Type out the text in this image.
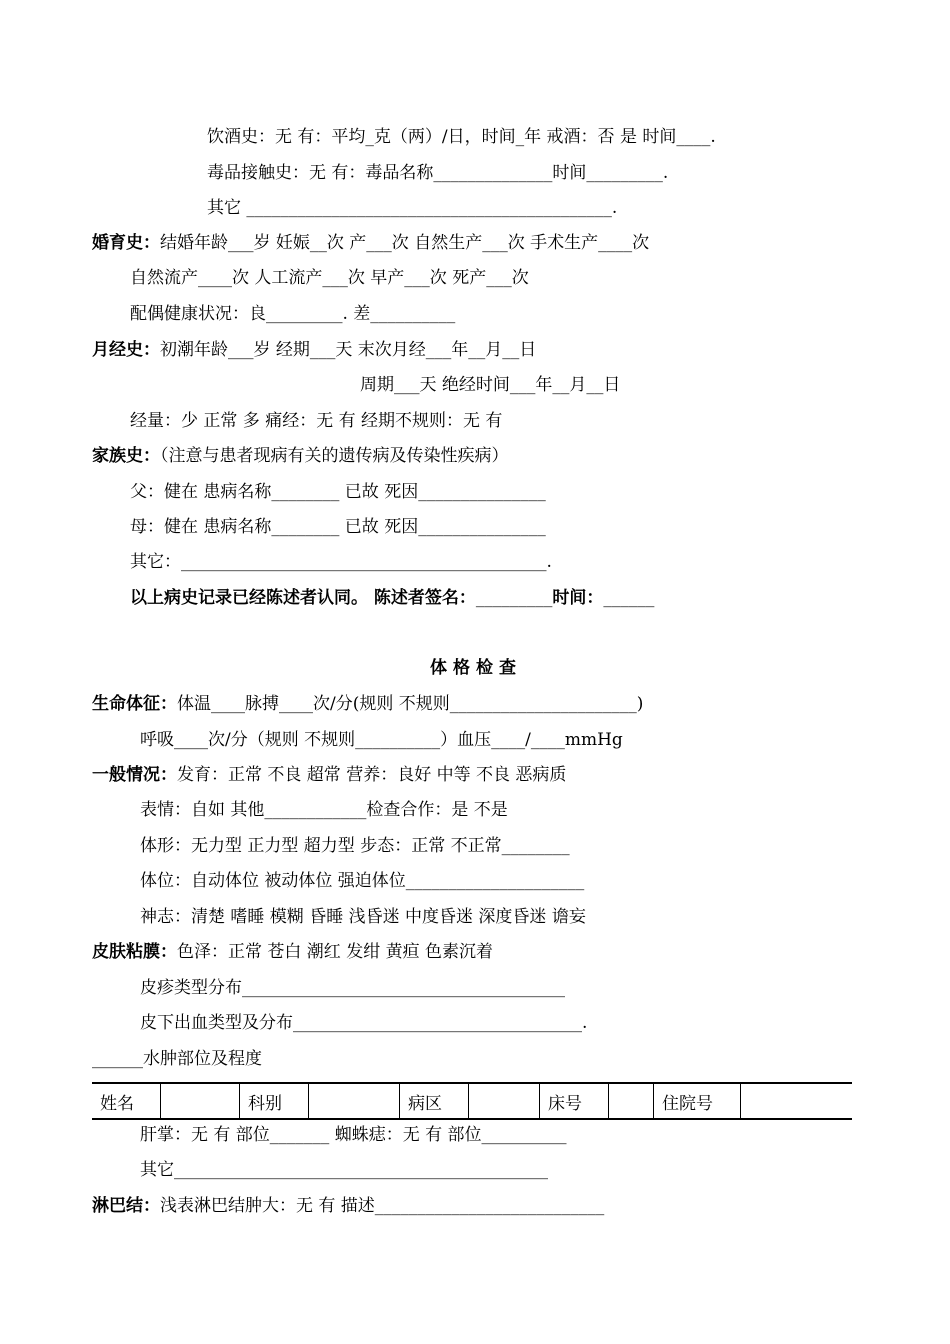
饮酒史：无 有：平均_克（两）/日，时间_年 戒酒：否 是 时间____.
毒品接触史：无 有：毒品名称______________时间_________.
其它 ___________________________________________.
婚育史：结婚年龄___岁 妊娠__次 产___次 自然生产___次 手术生产____次
自然流产____次 人工流产___次 早产___次 死产___次
配偶健康状况：良_________. 差__________
月经史：初潮年龄___岁 经期___天 末次月经___年__月__日
周期___天 绝经时间___年__月__日
经量：少 正常 多 痛经：无 有 经期不规则：无 有
家族史：（注意与患者现病有关的遗传病及传染性疾病）
父：健在 患病名称________ 已故 死因_______________
母：健在 患病名称________ 已故 死因_______________
其它：___________________________________________.
以上病史记录已经陈述者认同。 陈述者签名：_________时间：______
体格检查
生命体征：体温____脉搏____次/分(规则 不规则______________________)
呼吸____次/分（规则 不规则__________）血压____/____mmHg
一般情况：发育：正常 不良 超常 营养：良好 中等 不良 恶病质
表情：自如 其他____________检查合作：是 不是
体形：无力型 正力型 超力型 步态：正常 不正常________
体位：自动体位 被动体位 强迫体位_____________________
神志：清楚 嗜睡 模糊 昏睡 浅昏迷 中度昏迷 深度昏迷 谵妄
皮肤粘膜：色泽：正常 苍白 潮红 发绀 黄疸 色素沉着
皮疹类型分布______________________________________
皮下出血类型及分布__________________________________.
______水肿部位及程度
姓名		科别		病区		床号		住院号	
肝掌：无 有 部位_______ 蜘蛛痣：无 有 部位__________
其它____________________________________________
淋巴结：浅表淋巴结肿大：无 有 描述___________________________
